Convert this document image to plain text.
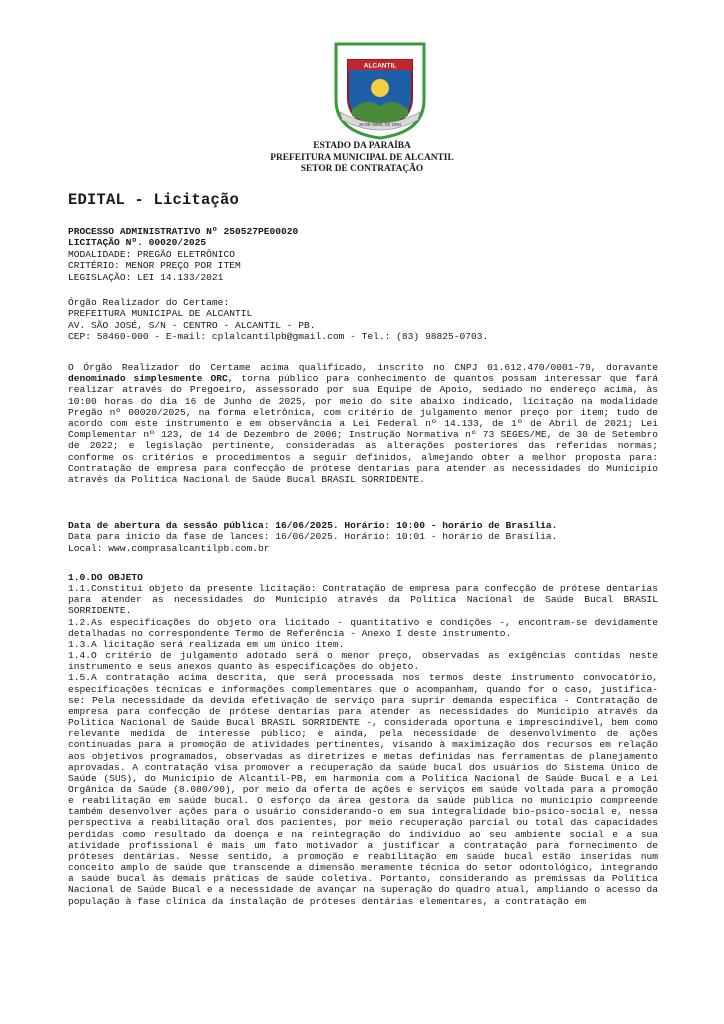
ALCANTIL
28 DE ABRIL DE 1994
ESTADO DA PARAÍBA
PREFEITURA MUNICIPAL DE ALCANTIL
SETOR DE CONTRATAÇÃO
EDITAL - Licitação
PROCESSO ADMINISTRATIVO Nº 250527PE00020
LICITAÇÃO Nº. 00020/2025
MODALIDADE: PREGÃO ELETRÔNICO
CRITÉRIO: MENOR PREÇO POR ITEM
LEGISLAÇÃO: LEI 14.133/2021
Órgão Realizador do Certame:
PREFEITURA MUNICIPAL DE ALCANTIL
AV. SÃO JOSÉ, S/N - CENTRO - ALCANTIL - PB.
CEP: 58460-000 - E-mail: cplalcantilpb@gmail.com - Tel.: (83) 98825-0703.
O Órgão Realizador do Certame acima qualificado, inscrito no CNPJ 01.612.470/0001-79, doravante denominado simplesmente ORC, torna público para conhecimento de quantos possam interessar que fará realizar através do Pregoeiro, assessorado por sua Equipe de Apoio, sediado no endereço acima, às 10:00 horas do dia 16 de Junho de 2025, por meio do site abaixo indicado, licitação na modalidade Pregão nº 00020/2025, na forma eletrônica, com critério de julgamento menor preço por item; tudo de acordo com este instrumento e em observância a Lei Federal nº 14.133, de 1º de Abril de 2021; Lei Complementar nº 123, de 14 de Dezembro de 2006; Instrução Normativa nº 73 SEGES/ME, de 30 de Setembro de 2022; e legislação pertinente, consideradas as alterações posteriores das referidas normas; conforme os critérios e procedimentos a seguir definidos, almejando obter a melhor proposta para: Contratação de empresa para confecção de prótese dentarias para atender as necessidades do Municipio através da Politica Nacional de Saúde Bucal BRASIL SORRIDENTE.
Data de abertura da sessão pública: 16/06/2025. Horário: 10:00 - horário de Brasília.
Data para início da fase de lances: 16/06/2025. Horário: 10:01 - horário de Brasília.
Local: www.comprasalcantilpb.com.br

1.0.DO OBJETO

1.1.Constitui objeto da presente licitação: Contratação de empresa para confecção de prótese dentarias para atender as necessidades do Municipio através da Politica Nacional de Saúde Bucal BRASIL SORRIDENTE.

1.2.As especificações do objeto ora licitado - quantitativo e condições -, encontram-se devidamente detalhadas no correspondente Termo de Referência - Anexo I deste instrumento.

1.3.A licitação será realizada em um único item.

1.4.O critério de julgamento adotado será o menor preço, observadas as exigências contidas neste instrumento e seus anexos quanto às especificações do objeto.

1.5.A contratação acima descrita, que será processada nos termos deste instrumento convocatório, especificações técnicas e informações complementares que o acompanham, quando for o caso, justifica-se: Pela necessidade da devida efetivação de serviço para suprir demanda específica - Contratação de empresa para confecção de prótese dentarias para atender as necessidades do Municipio através da Politica Nacional de Saúde Bucal BRASIL SORRIDENTE -, considerada oportuna e imprescindível, bem como relevante medida de interesse público; e ainda, pela necessidade de desenvolvimento de ações continuadas para a promoção de atividades pertinentes, visando à maximização dos recursos em relação aos objetivos programados, observadas as diretrizes e metas definidas nas ferramentas de planejamento aprovadas. A contratação visa promover a recuperação da saúde bucal dos usuários do Sistema Único de Saúde (SUS), do Município de Alcantil-PB, em harmonia com a Política Nacional de Saúde Bucal e a Lei Orgânica da Saúde (8.080/90), por meio da oferta de ações e serviços em saúde voltada para a promoção e reabilitação em saúde bucal. O esforço da área gestora da saúde pública no município compreende também desenvolver ações para o usuário considerando-o em sua integralidade bio-psico-social e, nessa perspectiva a reabilitação oral dos pacientes, por meio recuperação parcial ou total das capacidades perdidas como resultado da doença e na reintegração do indivíduo ao seu ambiente social e a sua atividade profissional é mais um fato motivador a justificar a contratação para fornecimento de próteses dentárias. Nesse sentido, a promoção e reabilitação em saúde bucal estão inseridas num conceito amplo de saúde que transcende a dimensão meramente técnica do setor odontológico, integrando a saúde bucal às demais práticas de saúde coletiva. Portanto, considerando as premissas da Política Nacional de Saúde Bucal e a necessidade de avançar na superação do quadro atual, ampliando o acesso da população à fase clínica da instalação de próteses dentárias elementares, a contratação em
